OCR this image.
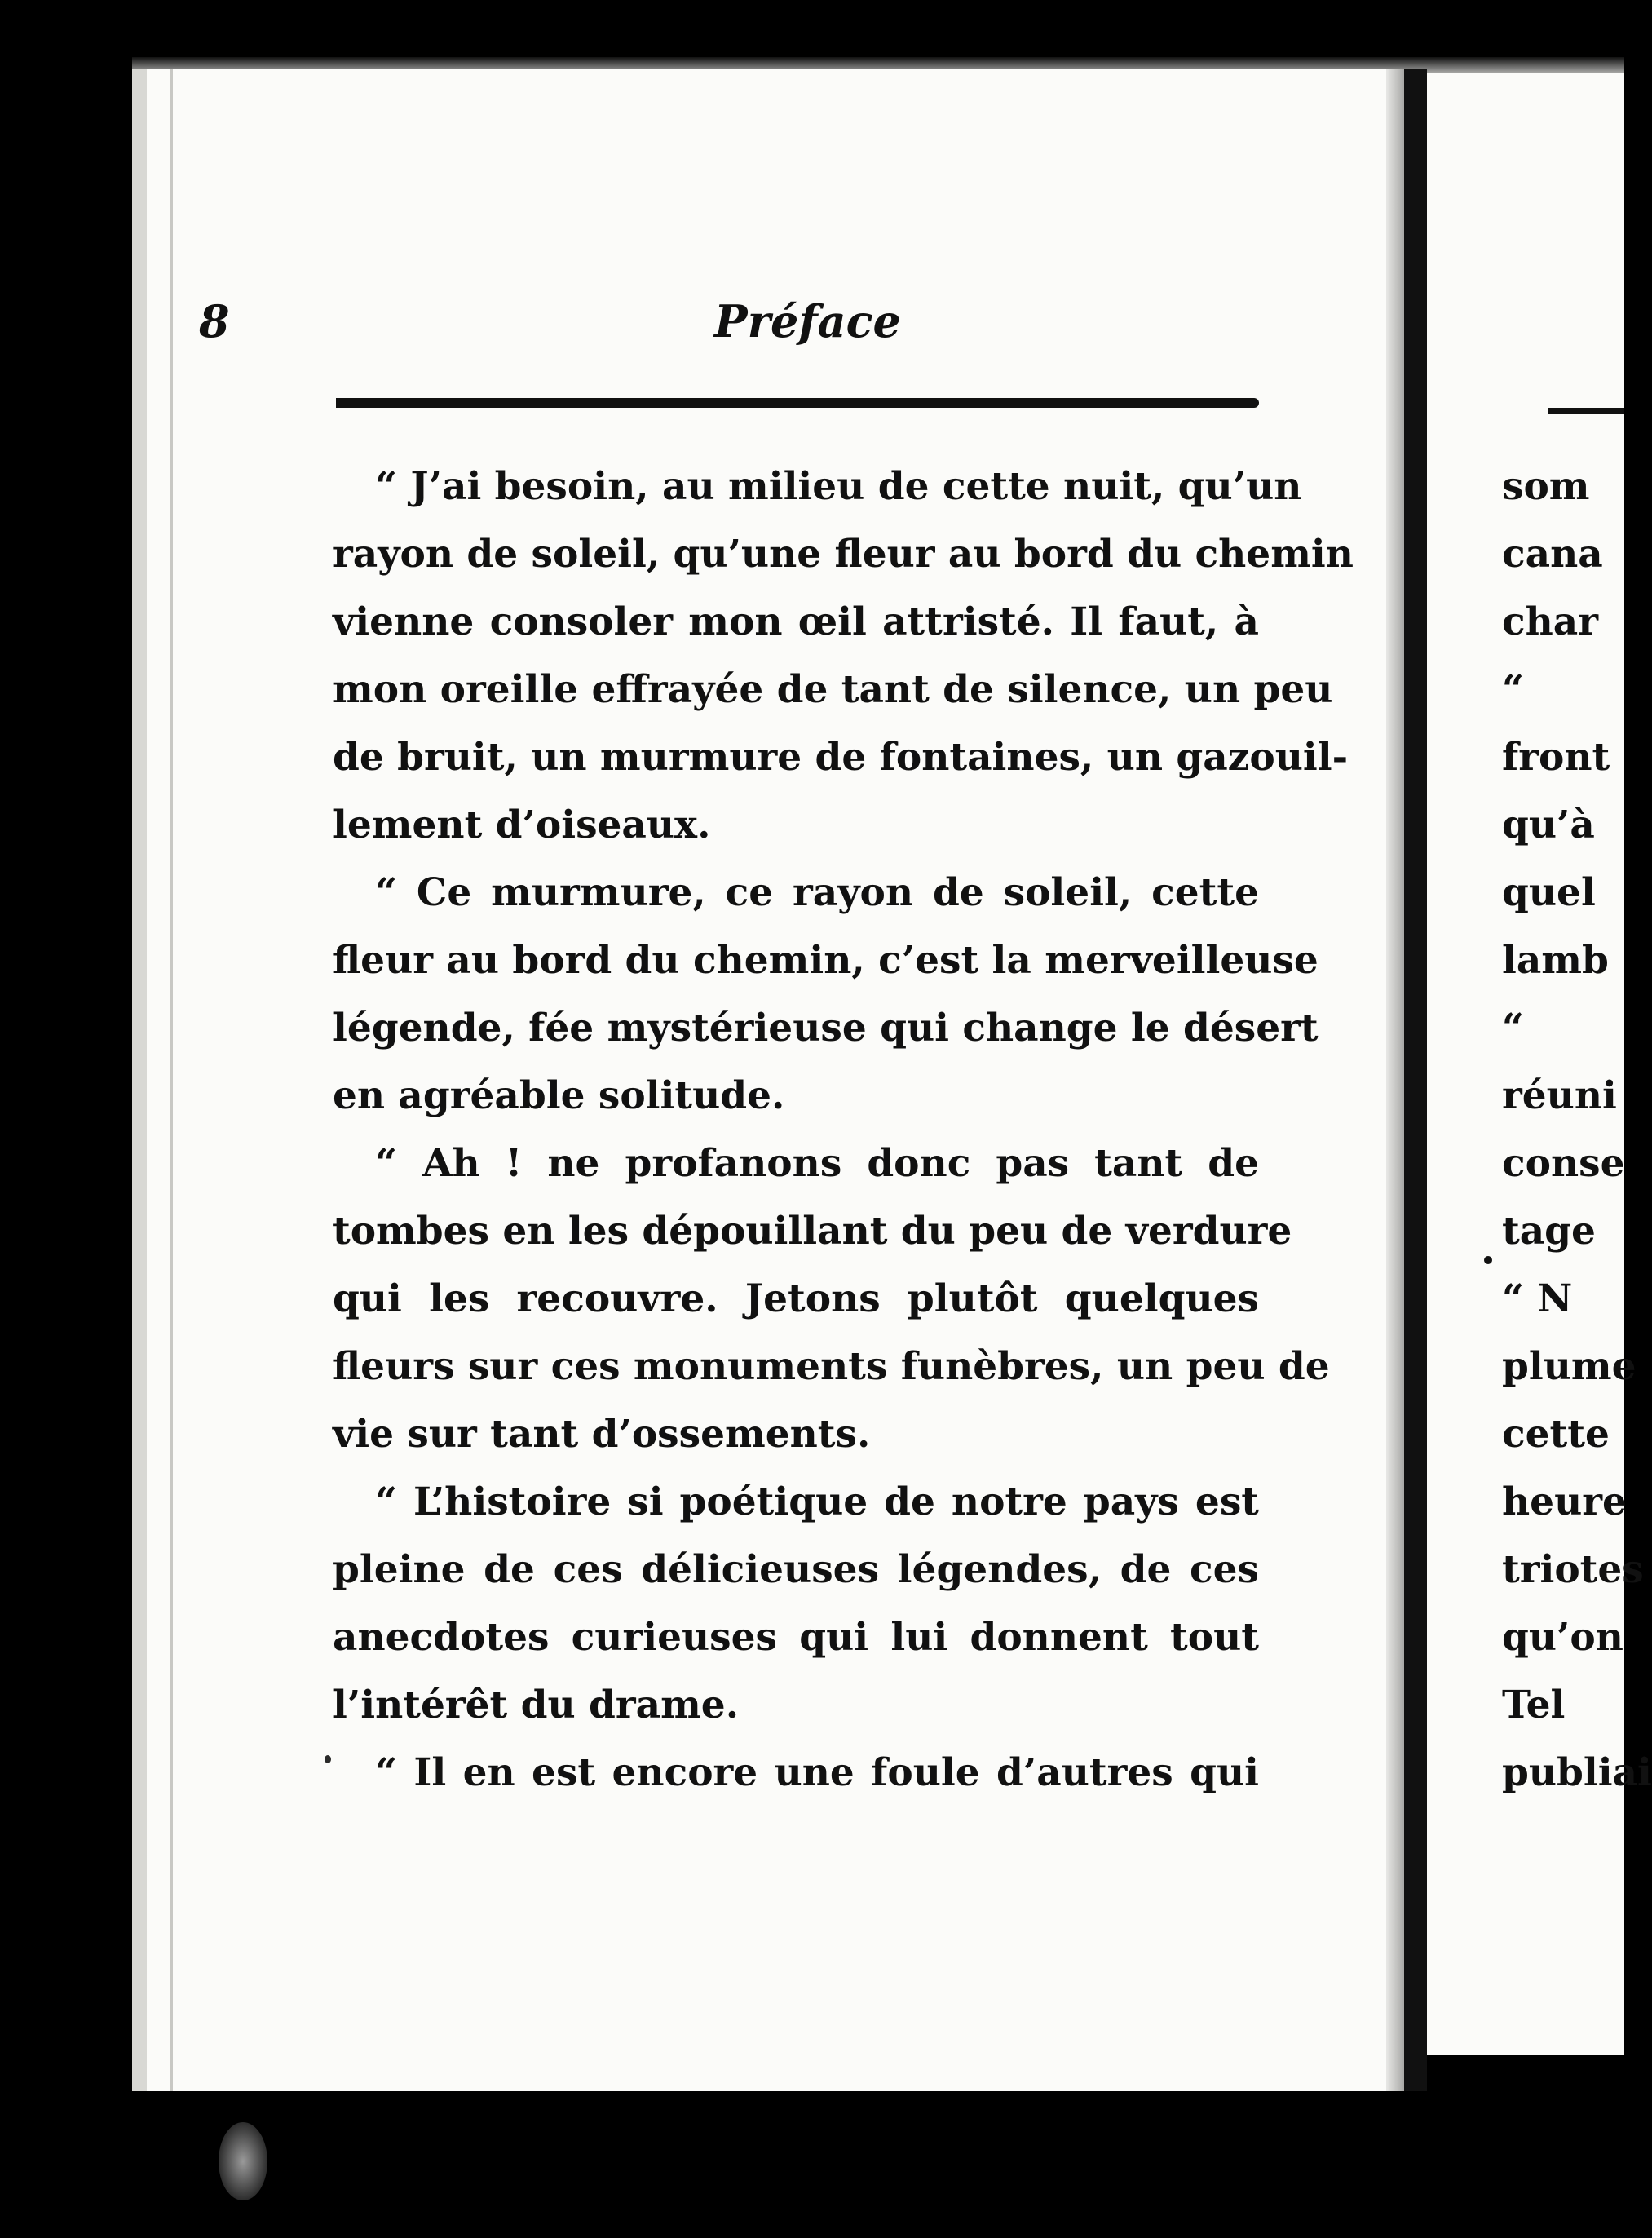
8	Préface
“ J’ai besoin, au milieu de cette nuit, qu’un
rayon de soleil, qu’une fleur au bord du chemin
vienne consoler mon œil attristé. Il faut, à
mon oreille effrayée de tant de silence, un peu
de bruit, un murmure de fontaines, un gazouil-
lement d’oiseaux.
“ Ce murmure, ce rayon de soleil, cette
fleur au bord du chemin, c’est la merveilleuse
légende, fée mystérieuse qui change le désert
en agréable solitude.
“ Ah ! ne profanons donc pas tant de
tombes en les dépouillant du peu de verdure
qui les recouvre. Jetons plutôt quelques
fleurs sur ces monuments funèbres, un peu de
vie sur tant d’ossements.
“ L’histoire si poétique de notre pays est
pleine de ces délicieuses légendes, de ces
anecdotes curieuses qui lui donnent tout
l’intérêt du drame.
“ Il en est encore une foule d’autres qui
som
cana
char
“
front
qu’à
quel
lamb
“
réuni
conse
tage
“ N
plume
cette
heure
triotes
qu’on
Tel
publiai
